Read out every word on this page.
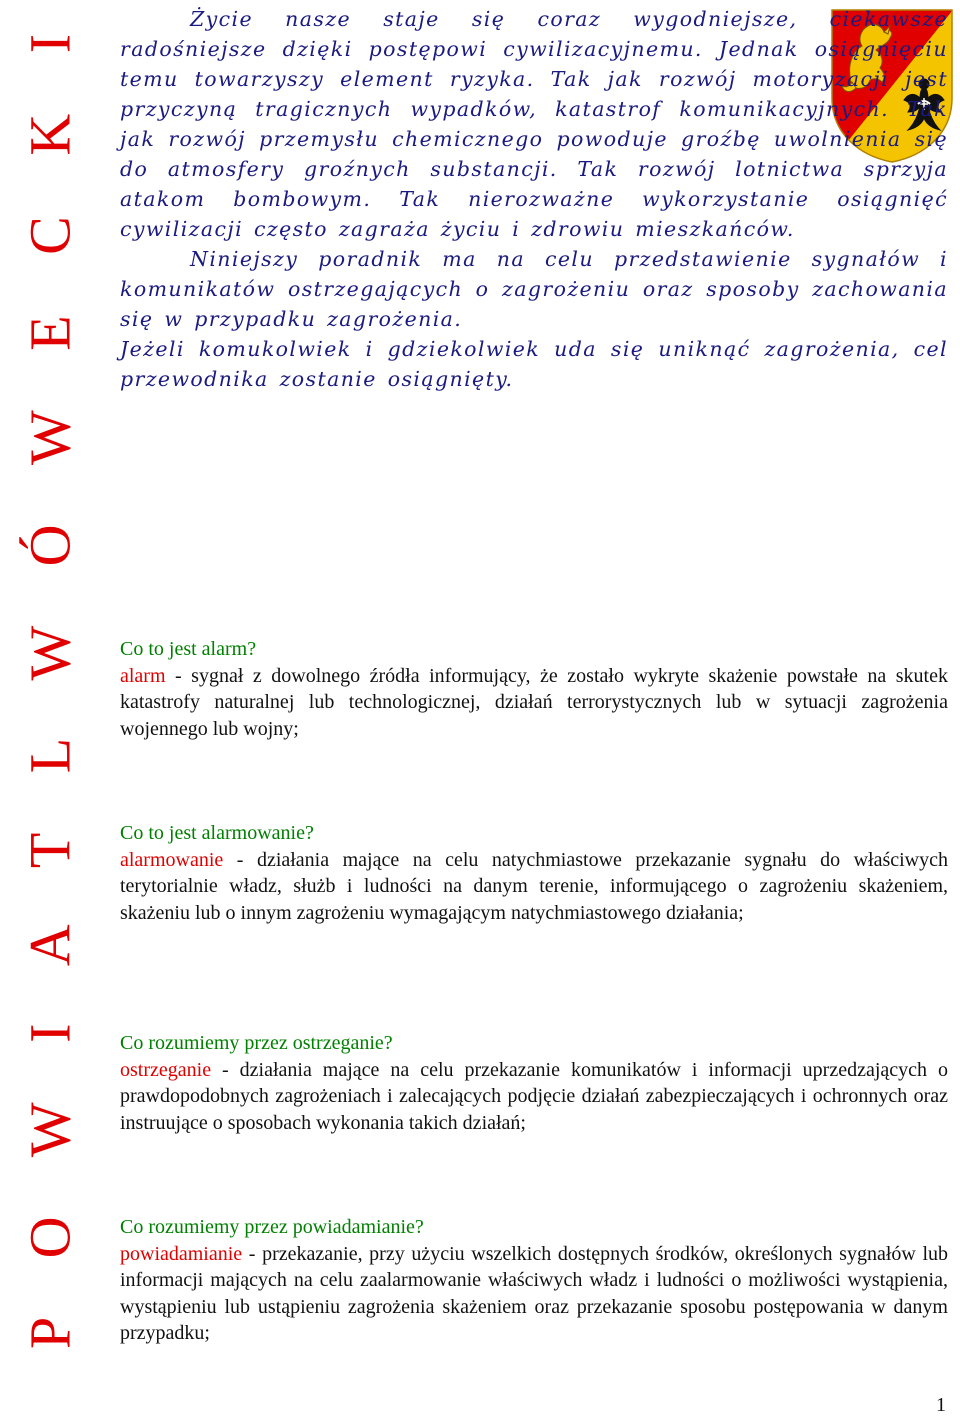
P O W I A T L W Ó W E C K I	Życie nasze staje się coraz wygodniejsze, ciekawsze radośniejsze dzięki postępowi cywilizacyjnemu. Jednak osiągnięciu temu towarzyszy element ryzyka. Tak jak rozwój motoryzacji jest przyczyną tragicznych wypadków, katastrof komunikacyjnych. Tak jak rozwój przemysłu chemicznego powoduje groźbę uwolnienia się do atmosfery groźnych substancji. Tak rozwój lotnictwa sprzyja atakom bombowym. Tak nierozważne wykorzystanie osiągnięć cywilizacji często zagraża życiu i zdrowiu mieszkańców.

Niniejszy poradnik ma na celu przedstawienie sygnałów i komunikatów ostrzegających o zagrożeniu oraz sposoby zachowania się w przypadku zagrożenia.

Jeżeli komukolwiek i gdziekolwiek uda się uniknąć zagrożenia, cel przewodnika zostanie osiągnięty.

Co to jest alarm?

alarm - sygnał z dowolnego źródła informujący, że zostało wykryte skażenie powstałe na skutek katastrofy naturalnej lub technologicznej, działań terrorystycznych lub w sytuacji zagrożenia wojennego lub wojny;

Co to jest alarmowanie?

alarmowanie - działania mające na celu natychmiastowe przekazanie sygnału do właściwych terytorialnie władz, służb i ludności na danym terenie, informującego o zagrożeniu skażeniem, skażeniu lub o innym zagrożeniu wymagającym natychmiastowego działania;

Co rozumiemy przez ostrzeganie?

ostrzeganie - działania mające na celu przekazanie komunikatów i informacji uprzedzających o prawdopodobnych zagrożeniach i zalecających podjęcie działań zabezpieczających i ochronnych oraz instruujące o sposobach wykonania takich działań;

Co rozumiemy przez powiadamianie?

powiadamianie - przekazanie, przy użyciu wszelkich dostępnych środków, określonych sygnałów lub informacji mających na celu zaalarmowanie właściwych władz i ludności o możliwości wystąpienia, wystąpieniu lub ustąpieniu zagrożenia skażeniem oraz przekazanie sposobu postępowania w danym przypadku;

1
